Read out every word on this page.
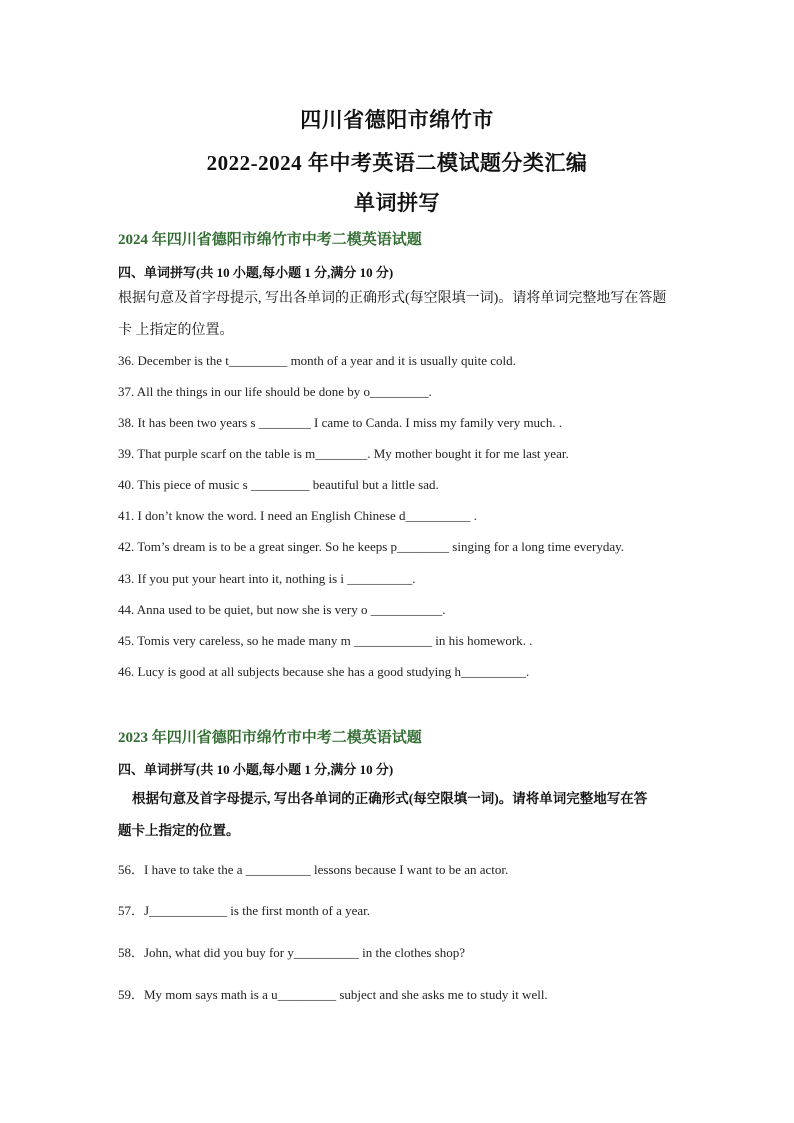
四川省德阳市绵竹市
2022-2024 年中考英语二模试题分类汇编
单词拼写
2024 年四川省德阳市绵竹市中考二模英语试题
四、单词拼写(共 10 小题,每小题 1 分,满分 10 分)
根据句意及首字母提示, 写出各单词的正确形式(每空限填一词)。请将单词完整地写在答题
卡 上指定的位置。
36. December is the t_________ month of a year and it is usually quite cold.
37. All the things in our life should be done by o_________.
38. It has been two years s ________ I came to Canda. I miss my family very much. .
39. That purple scarf on the table is m________. My mother bought it for me last year.
40. This piece of music s _________ beautiful but a little sad.
41. I don’t know the word. I need an English Chinese d__________ .
42. Tom’s dream is to be a great singer. So he keeps p________ singing for a long time everyday.
43. If you put your heart into it, nothing is i __________.
44. Anna used to be quiet, but now she is very o ___________.
45. Tomis very careless, so he made many m ____________ in his homework. .
46. Lucy is good at all subjects because she has a good studying h__________.
2023 年四川省德阳市绵竹市中考二模英语试题
四、单词拼写(共 10 小题,每小题 1 分,满分 10 分)
根据句意及首字母提示, 写出各单词的正确形式(每空限填一词)。请将单词完整地写在答
题卡上指定的位置。
56．I have to take the a __________ lessons because I want to be an actor.
57．J____________ is the first month of a year.
58．John, what did you buy for y__________ in the clothes shop?
59．My mom says math is a u_________ subject and she asks me to study it well.
